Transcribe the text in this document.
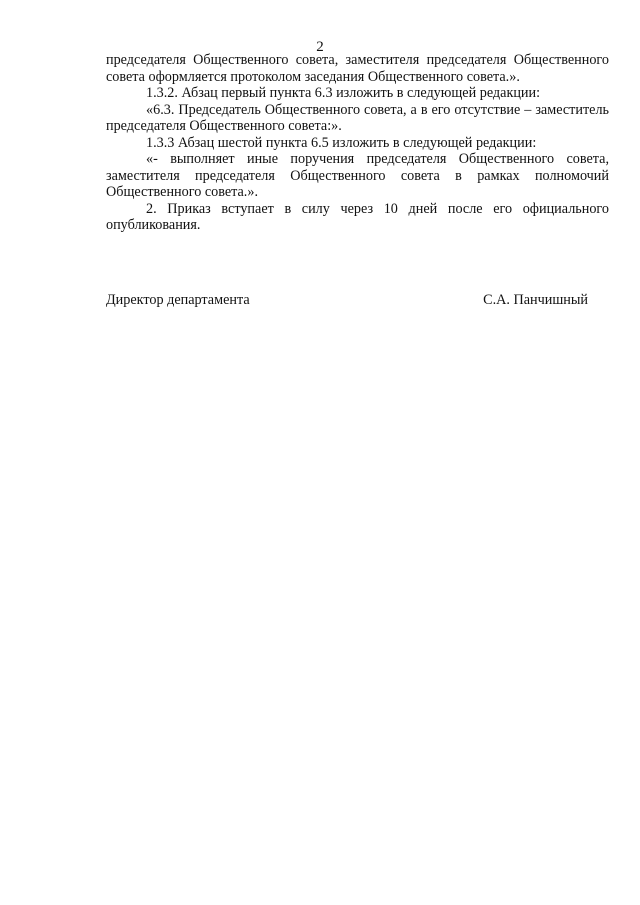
2

председателя Общественного совета, заместителя председателя Общественного совета оформляется протоколом заседания Общественного совета.».

1.3.2. Абзац первый пункта 6.3 изложить в следующей редакции:

«6.3. Председатель Общественного совета, а в его отсутствие – заместитель председателя Общественного совета:».

1.3.3 Абзац шестой пункта 6.5 изложить в следующей редакции:

«- выполняет иные поручения председателя Общественного совета, заместителя председателя Общественного совета в рамках полномочий Общественного совета.».

2. Приказ вступает в силу через 10 дней после его официального опубликования.

Директор департамента	С.А. Панчишный
